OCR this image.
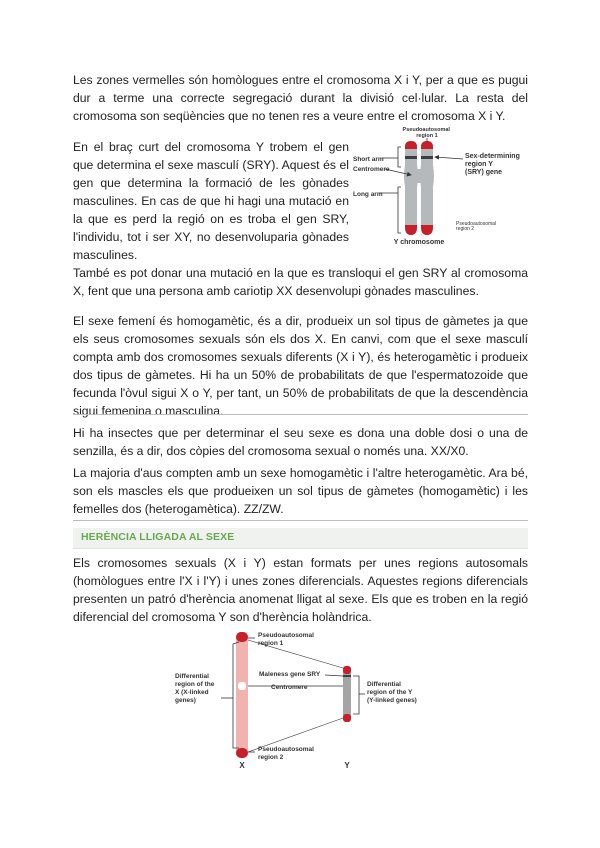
Les zones vermelles són homòlogues entre el cromosoma X i Y, per a que es pugui dur a terme una correcte segregació durant la divisió cel·lular. La resta del cromosoma son seqüències que no tenen res a veure entre el cromosoma X i Y.

En el braç curt del cromosoma Y trobem el gen que determina el sexe masculí (SRY). Aquest és el gen que determina la formació de les gònades masculines. En cas de que hi hagi una mutació en la que es perd la regió on es troba el gen SRY, l'individu, tot i ser XY, no desenvoluparia gònades masculines.

Pseudoautosomal region 1
Short arm
Centromere
Long arm
Sex-determining region Y (SRY) gene
Pseudoautosomal region 2
Y chromosome

També es pot donar una mutació en la que es transloqui el gen SRY al cromosoma X, fent que una persona amb cariotip XX desenvolupi gònades masculines.

El sexe femení és homogamètic, és a dir, produeix un sol tipus de gàmetes ja que els seus cromosomes sexuals són els dos X. En canvi, com que el sexe masculí compta amb dos cromosomes sexuals diferents (X i Y), és heterogamètic i produeix dos tipus de gàmetes. Hi ha un 50% de probabilitats de que l'espermatozoide que fecunda l'òvul sigui X o Y, per tant, un 50% de probabilitats de que la descendència sigui femenina o masculina.

Hi ha insectes que per determinar el seu sexe es dona una doble dosi o una de senzilla, és a dir, dos còpies del cromosoma sexual o només una. XX/X0.

La majoria d'aus compten amb un sexe homogamètic i l'altre heterogamètic. Ara bé, son els mascles els que produeixen un sol tipus de gàmetes (homogamètic) i les femelles dos (heterogamètica). ZZ/ZW.

HERÈNCIA LLIGADA AL SEXE

Els cromosomes sexuals (X i Y) estan formats per unes regions autosomals (homòlogues entre l'X i l'Y) i unes zones diferencials. Aquestes regions diferencials presenten un patró d'herència anomenat lligat al sexe. Els que es troben en la regió diferencial del cromosoma Y son d'herència holàndrica.

Pseudoautosomal region 1
Maleness gene SRY
Centromere
Differential region of the X (X-linked genes)
Differential region of the Y (Y-linked genes)
Pseudoautosomal region 2
X	Y
